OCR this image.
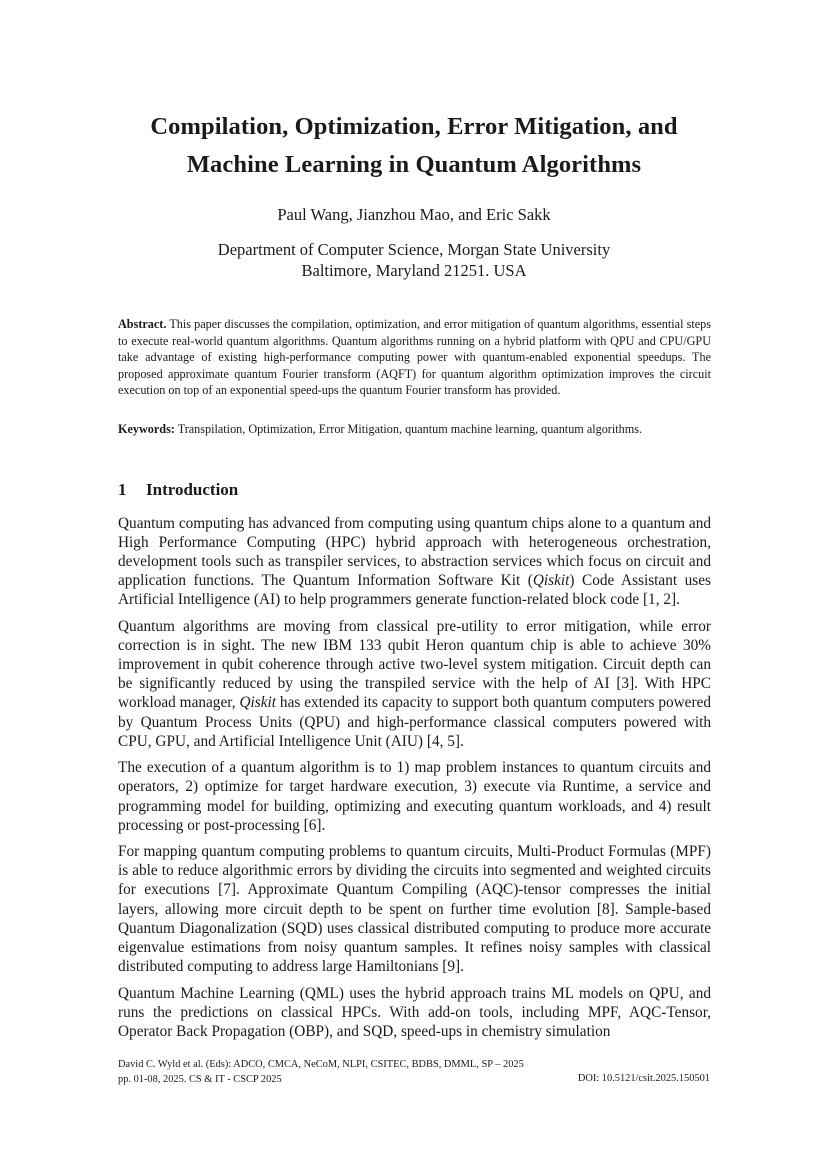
Compilation, Optimization, Error Mitigation, and
Machine Learning in Quantum Algorithms
Paul Wang, Jianzhou Mao, and Eric Sakk
Department of Computer Science, Morgan State University
Baltimore, Maryland 21251. USA
Abstract. This paper discusses the compilation, optimization, and error mitigation of quantum algorithms, essential steps to execute real-world quantum algorithms. Quantum algorithms running on a hybrid platform with QPU and CPU/GPU take advantage of existing high-performance computing power with quantum-enabled exponential speedups. The proposed approximate quantum Fourier transform (AQFT) for quantum algorithm optimization improves the circuit execution on top of an exponential speed-ups the quantum Fourier transform has provided.
Keywords: Transpilation, Optimization, Error Mitigation, quantum machine learning, quantum algorithms.
1 Introduction

Quantum computing has advanced from computing using quantum chips alone to a quantum and High Performance Computing (HPC) hybrid approach with heterogeneous orchestration, development tools such as transpiler services, to abstraction services which focus on circuit and application functions. The Quantum Information Software Kit (Qiskit) Code Assistant uses Artificial Intelligence (AI) to help programmers generate function-related block code [1, 2].

Quantum algorithms are moving from classical pre-utility to error mitigation, while error correction is in sight. The new IBM 133 qubit Heron quantum chip is able to achieve 30% improvement in qubit coherence through active two-level system mitigation. Circuit depth can be significantly reduced by using the transpiled service with the help of AI [3]. With HPC workload manager, Qiskit has extended its capacity to support both quantum computers powered by Quantum Process Units (QPU) and high-performance classical computers powered with CPU, GPU, and Artificial Intelligence Unit (AIU) [4, 5].

The execution of a quantum algorithm is to 1) map problem instances to quantum circuits and operators, 2) optimize for target hardware execution, 3) execute via Runtime, a service and programming model for building, optimizing and executing quantum workloads, and 4) result processing or post-processing [6].

For mapping quantum computing problems to quantum circuits, Multi-Product Formulas (MPF) is able to reduce algorithmic errors by dividing the circuits into segmented and weighted circuits for executions [7]. Approximate Quantum Compiling (AQC)-tensor compresses the initial layers, allowing more circuit depth to be spent on further time evolution [8]. Sample-based Quantum Diagonalization (SQD) uses classical distributed computing to produce more accurate eigenvalue estimations from noisy quantum samples. It refines noisy samples with classical distributed computing to address large Hamiltonians [9].

Quantum Machine Learning (QML) uses the hybrid approach trains ML models on QPU, and runs the predictions on classical HPCs. With add-on tools, including MPF, AQC-Tensor, Operator Back Propagation (OBP), and SQD, speed-ups in chemistry simulation

David C. Wyld et al. (Eds): ADCO, CMCA, NeCoM, NLPI, CSITEC, BDBS, DMML, SP – 2025
pp. 01-08, 2025. CS & IT - CSCP 2025	DOI: 10.5121/csit.2025.150501
